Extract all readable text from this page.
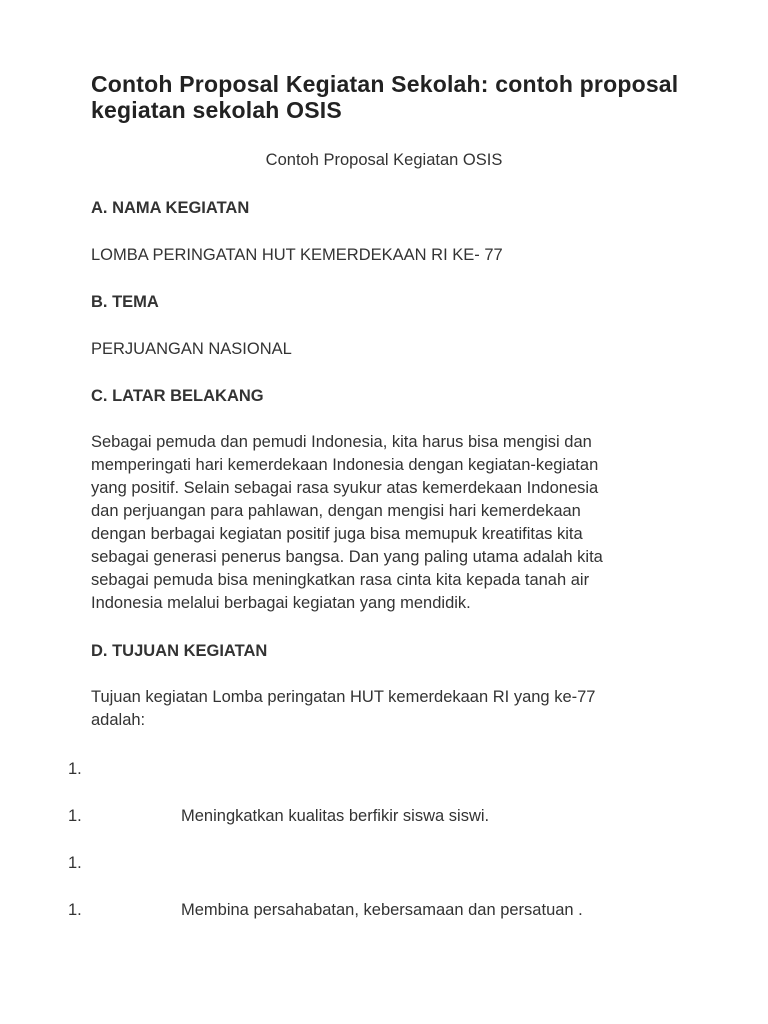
Contoh Proposal Kegiatan Sekolah: contoh proposal kegiatan sekolah OSIS
Contoh Proposal Kegiatan OSIS
A. NAMA KEGIATAN
LOMBA PERINGATAN HUT KEMERDEKAAN RI KE- 77
B. TEMA
PERJUANGAN NASIONAL
C. LATAR BELAKANG
Sebagai pemuda dan pemudi Indonesia, kita harus bisa mengisi dan
memperingati hari kemerdekaan Indonesia dengan kegiatan-kegiatan
yang positif. Selain sebagai rasa syukur atas kemerdekaan Indonesia
dan perjuangan para pahlawan, dengan mengisi hari kemerdekaan
dengan berbagai kegiatan positif juga bisa memupuk kreatifitas kita
sebagai generasi penerus bangsa. Dan yang paling utama adalah kita
sebagai pemuda bisa meningkatkan rasa cinta kita kepada tanah air
Indonesia melalui berbagai kegiatan yang mendidik.
D. TUJUAN KEGIATAN
Tujuan kegiatan Lomba peringatan HUT kemerdekaan RI yang ke-77
adalah:
1.
1.	Meningkatkan kualitas berfikir siswa siswi.
1.
1.	Membina persahabatan, kebersamaan dan persatuan .
